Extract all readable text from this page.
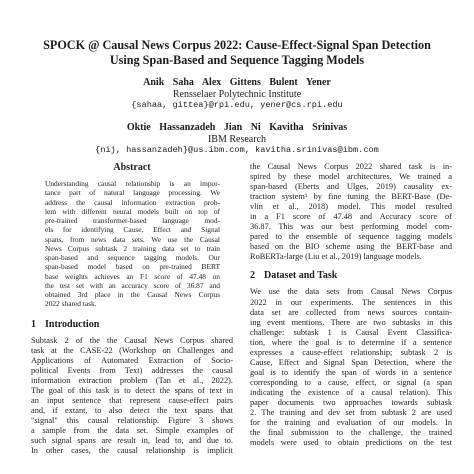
SPOCK @ Causal News Corpus 2022: Cause-Effect-Signal Span Detection
Using Span-Based and Sequence Tagging Models
Anik Saha Alex Gittens Bulent Yener
Rensselaer Polytechnic Institute
{sahaa, gittea}@rpi.edu, yener@cs.rpi.edu
Oktie Hassanzadeh Jian Ni Kavitha Srinivas
IBM Research
{nij, hassanzadeh}@us.ibm.com, kavitha.srinivas@ibm.com
Abstract
Understanding causal relationship is an impor-
tance part of natural language processing. We
address the causal information extraction prob-
lem with different neural models built on top of
pre-trained transformer-based language mod-
els for identifying Cause, Effect and Signal
spans, from news data sets. We use the Causal
News Corpus subtask 2 training data set to train
span-based and sequence tagging models. Our
span-based model based on pre-trained BERT
base weights achieves an F1 score of 47.48 on
the test set with an accuracy score of 36.87 and
obtained 3rd place in the Causal News Corpus
2022 shared task.
1 Introduction
Subtask 2 of the the Causal News Corpus shared
task at the CASE-22 (Workshop on Challenges and
Applications of Automated Extraction of Socio-
political Events from Text) addresses the causal
information extraction problem (Tan et al., 2022).
The goal of this task is to detect the spans of text in
an input sentence that represent cause-effect pairs
and, if extant, to also detect the text spans that
"signal" this causal relationship. Figure 3 shows
a sample from the data set. Simple examples of
such signal spans are result in, lead to, and due to.
In other cases, the causal relationship is implicit
the Causal News Corpus 2022 shared task is in-
spired by these model architectures. We trained a
span-based (Eberts and Ulges, 2019) causality ex-
traction system¹ by fine tuning the BERT-Base (De-
vlin et al., 2018) model. This model resulted
in a F1 score of 47.48 and Accuracy score of
36.87. This was our best performing model com-
pared to the ensemble of sequence tagging models
based on the BIO scheme using the BERT-base and
RoBERTa-large (Liu et al., 2019) language models.
2 Dataset and Task
We use the data sets from Causal News Corpus
2022 in our experiments. The sentences in this
data set are collected from news sources contain-
ing event mentions. There are two subtasks in this
challenge: subtask 1 is Causal Event Classifica-
tion, where the goal is to determine if a sentence
expresses a cause-effect relationship; subtask 2 is
Cause, Effect and Signal Span Detection, where the
goal is to identify the span of words in a sentence
corresponding to a cause, effect, or signal (a span
indicating the existence of a causal relation). This
paper documents two approaches towards subtask
2. The training and dev set from subtask 2 are used
for the training and evaluation of our models. In
the final submission to the challenge, the trained
models were used to obtain predictions on the test
